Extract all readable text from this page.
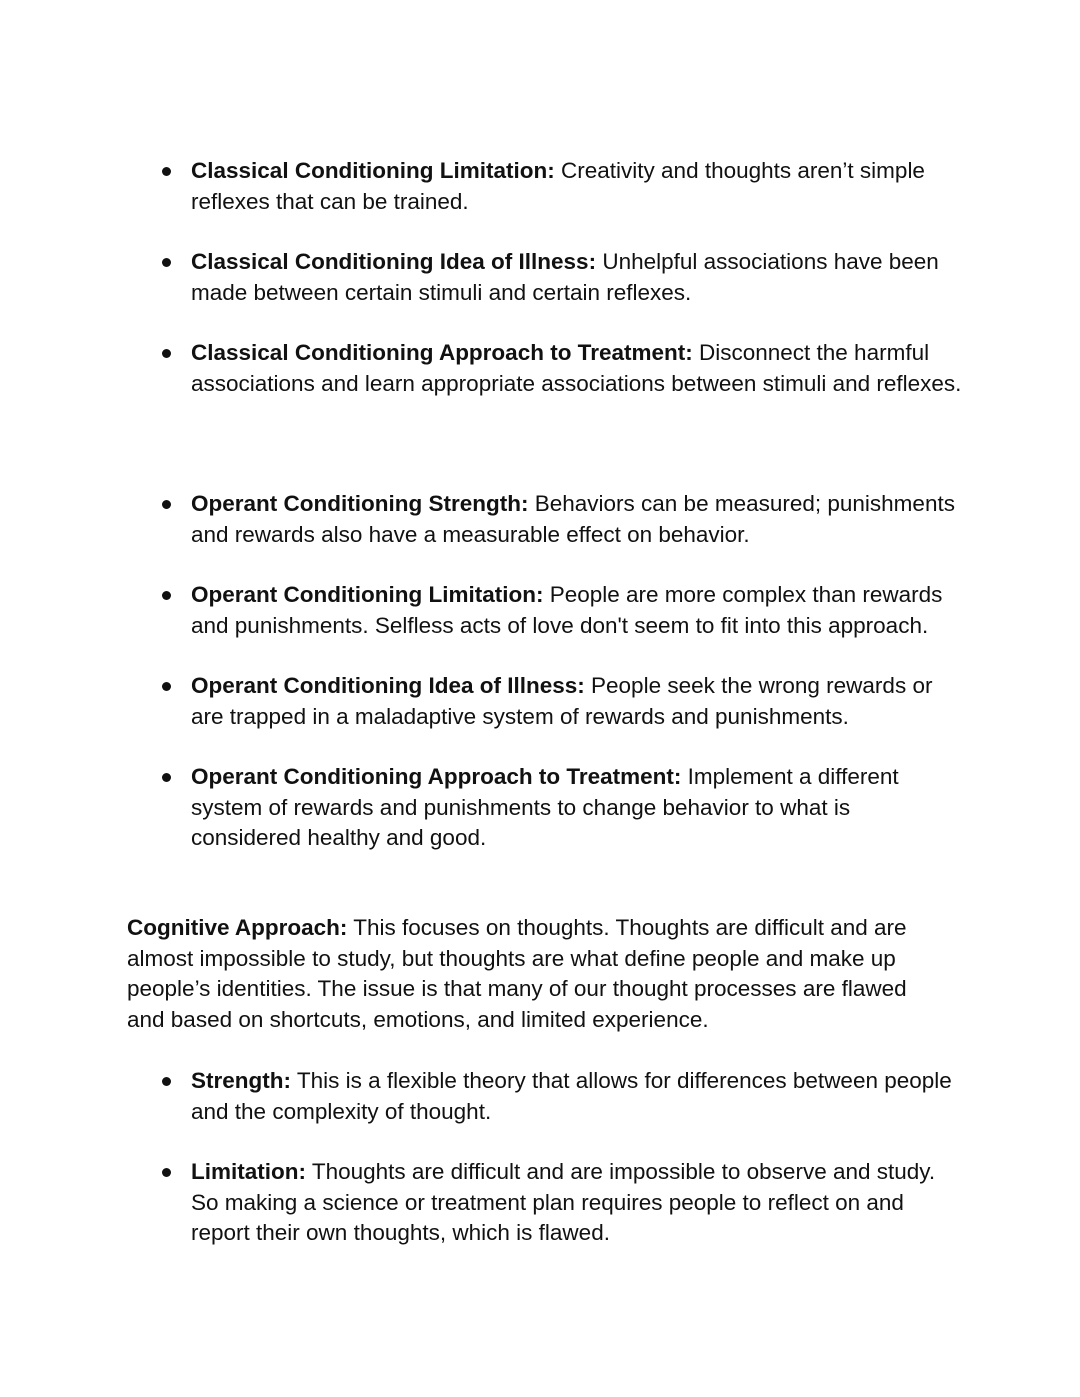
Classical Conditioning Limitation: Creativity and thoughts aren’t simple reflexes that can be trained.
Classical Conditioning Idea of Illness: Unhelpful associations have been made between certain stimuli and certain reflexes.
Classical Conditioning Approach to Treatment: Disconnect the harmful associations and learn appropriate associations between stimuli and reflexes.
Operant Conditioning Strength: Behaviors can be measured; punishments and rewards also have a measurable effect on behavior.
Operant Conditioning Limitation: People are more complex than rewards and punishments. Selfless acts of love don't seem to fit into this approach.
Operant Conditioning Idea of Illness: People seek the wrong rewards or are trapped in a maladaptive system of rewards and punishments.
Operant Conditioning Approach to Treatment: Implement a different system of rewards and punishments to change behavior to what is considered healthy and good.

Cognitive Approach: This focuses on thoughts. Thoughts are difficult and are almost impossible to study, but thoughts are what define people and make up people’s identities. The issue is that many of our thought processes are flawed and based on shortcuts, emotions, and limited experience.

Strength: This is a flexible theory that allows for differences between people and the complexity of thought.
Limitation: Thoughts are difficult and are impossible to observe and study. So making a science or treatment plan requires people to reflect on and report their own thoughts, which is flawed.
